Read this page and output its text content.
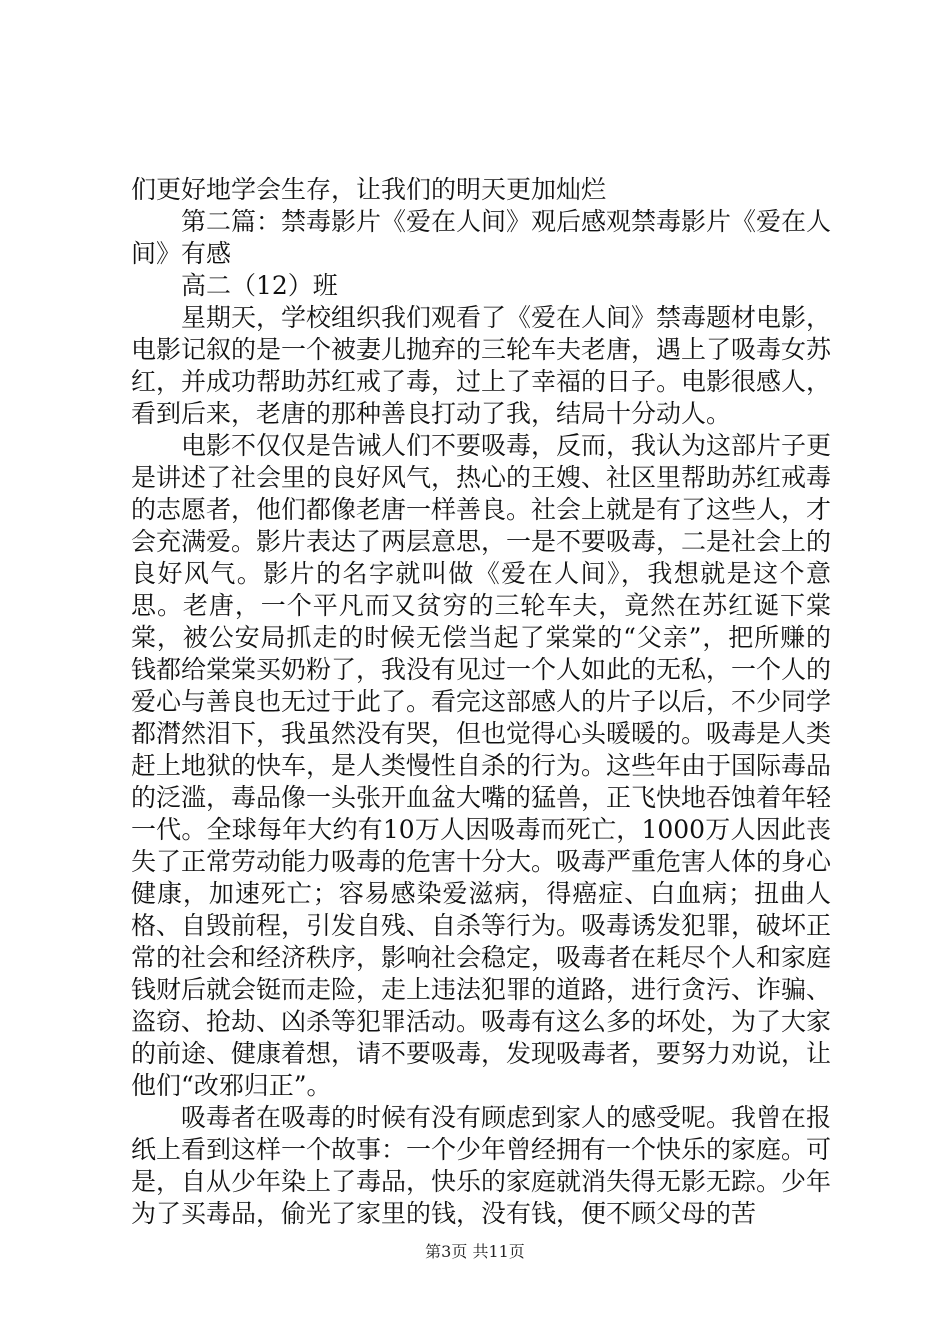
们更好地学会生存，让我们的明天更加灿烂

第二篇：禁毒影片《爱在人间》观后感观禁毒影片《爱在人间》有感

高二（12）班

星期天，学校组织我们观看了《爱在人间》禁毒题材电影，电影记叙的是一个被妻儿抛弃的三轮车夫老唐，遇上了吸毒女苏红，并成功帮助苏红戒了毒，过上了幸福的日子。电影很感人，看到后来，老唐的那种善良打动了我，结局十分动人。

电影不仅仅是告诫人们不要吸毒，反而，我认为这部片子更是讲述了社会里的良好风气，热心的王嫂、社区里帮助苏红戒毒的志愿者，他们都像老唐一样善良。社会上就是有了这些人，才会充满爱。影片表达了两层意思，一是不要吸毒，二是社会上的良好风气。影片的名字就叫做《爱在人间》，我想就是这个意思。老唐，一个平凡而又贫穷的三轮车夫，竟然在苏红诞下棠棠，被公安局抓走的时候无偿当起了棠棠的“父亲”，把所赚的钱都给棠棠买奶粉了，我没有见过一个人如此的无私，一个人的爱心与善良也无过于此了。看完这部感人的片子以后，不少同学都潸然泪下，我虽然没有哭，但也觉得心头暖暖的。吸毒是人类赶上地狱的快车，是人类慢性自杀的行为。这些年由于国际毒品的泛滥，毒品像一头张开血盆大嘴的猛兽，正飞快地吞蚀着年轻一代。全球每年大约有10万人因吸毒而死亡，1000万人因此丧失了正常劳动能力吸毒的危害十分大。吸毒严重危害人体的身心健康，加速死亡；容易感染爱滋病，得癌症、白血病；扭曲人格、自毁前程，引发自残、自杀等行为。吸毒诱发犯罪，破坏正常的社会和经济秩序，影响社会稳定，吸毒者在耗尽个人和家庭钱财后就会铤而走险，走上违法犯罪的道路，进行贪污、诈骗、盗窃、抢劫、凶杀等犯罪活动。吸毒有这么多的坏处，为了大家的前途、健康着想，请不要吸毒，发现吸毒者，要努力劝说，让他们“改邪归正”。

吸毒者在吸毒的时候有没有顾虑到家人的感受呢。我曾在报纸上看到这样一个故事：一个少年曾经拥有一个快乐的家庭。可是，自从少年染上了毒品，快乐的家庭就消失得无影无踪。少年为了买毒品，偷光了家里的钱，没有钱，便不顾父母的苦

第3页 共11页
